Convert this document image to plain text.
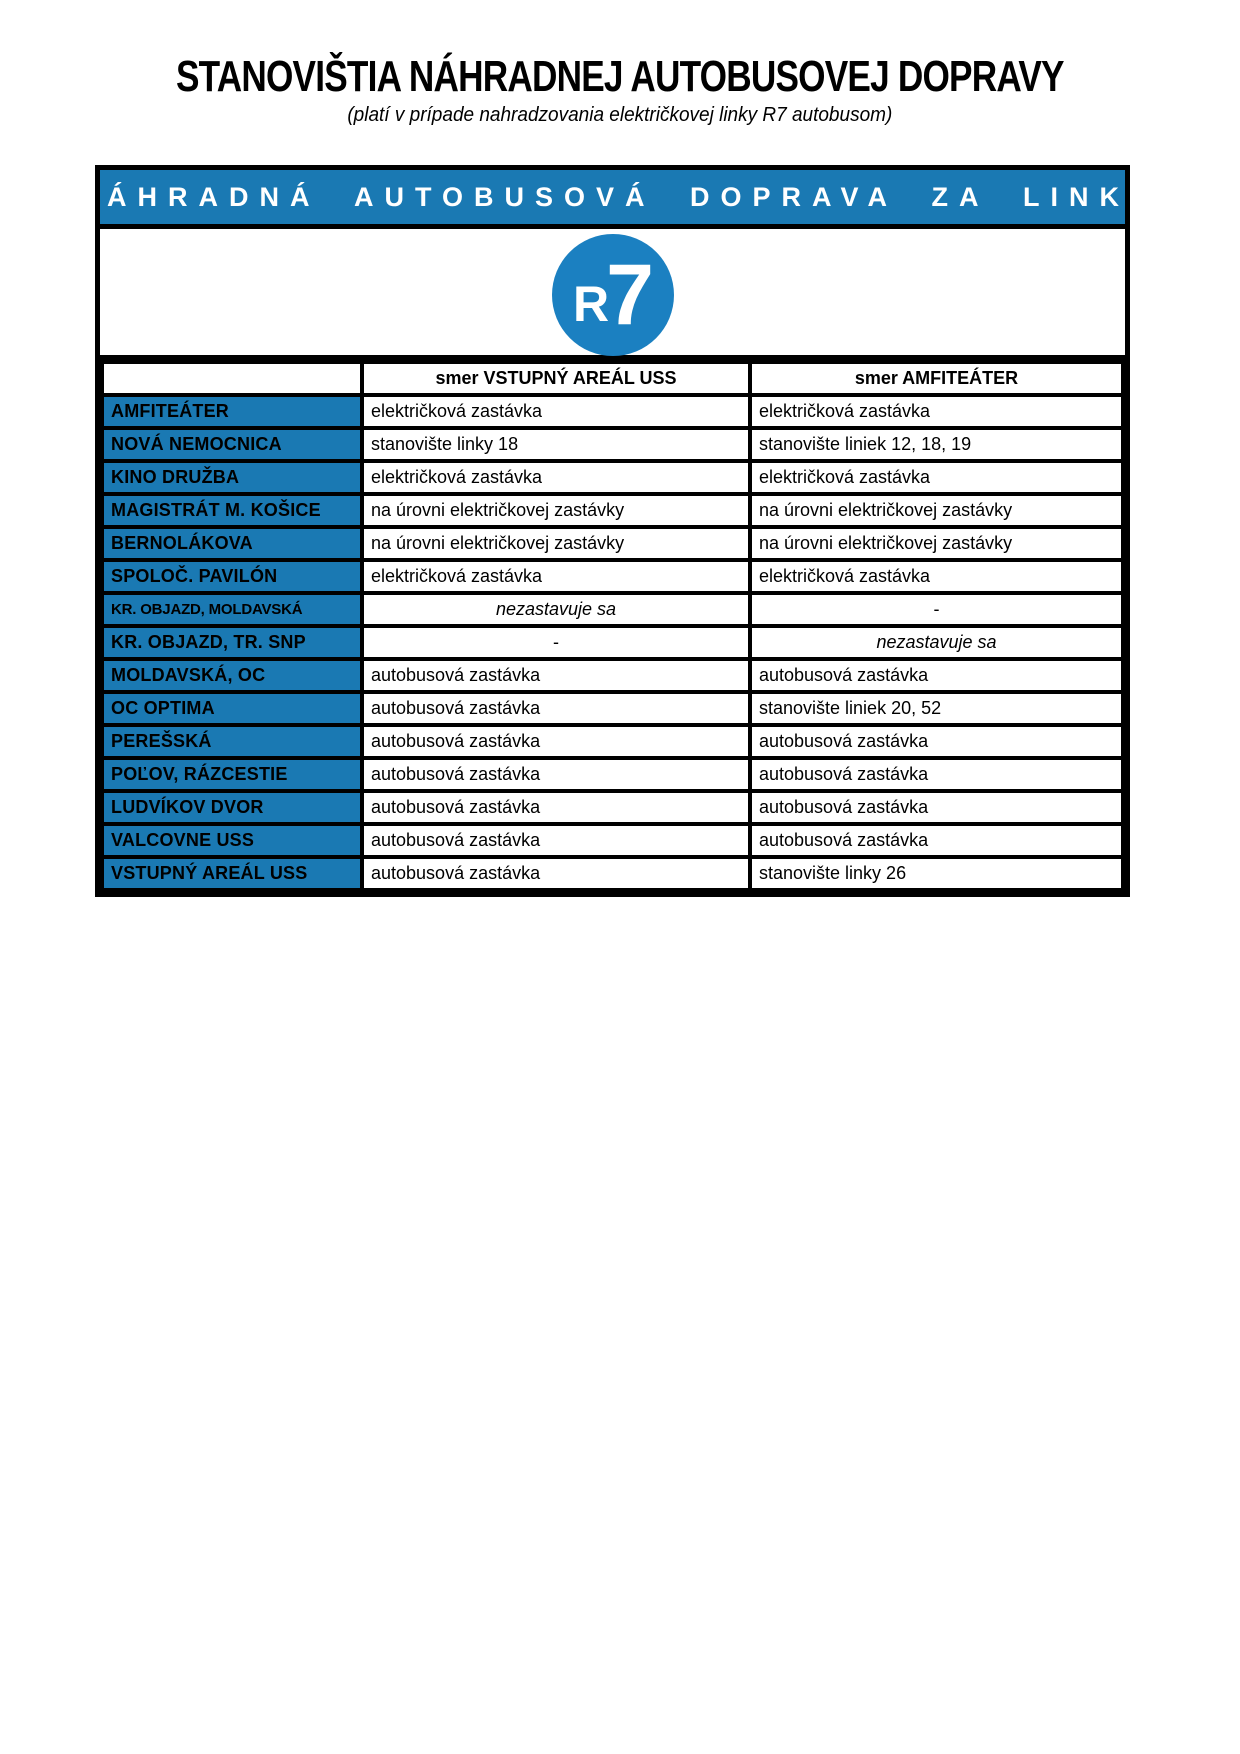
STANOVIŠTIA NÁHRADNEJ AUTOBUSOVEJ DOPRAVY

(platí v prípade nahradzovania električkovej linky R7 autobusom)

NÁHRADNÁ AUTOBUSOVÁ DOPRAVA ZA LINKU
R 7
	smer VSTUPNÝ AREÁL USS	smer AMFITEÁTER
AMFITEÁTER	električková zastávka	električková zastávka
NOVÁ NEMOCNICA	stanovište linky 18	stanovište liniek 12, 18, 19
KINO DRUŽBA	električková zastávka	električková zastávka
MAGISTRÁT M. KOŠICE	na úrovni električkovej zastávky	na úrovni električkovej zastávky
BERNOLÁKOVA	na úrovni električkovej zastávky	na úrovni električkovej zastávky
SPOLOČ. PAVILÓN	električková zastávka	električková zastávka
KR. OBJAZD, MOLDAVSKÁ	nezastavuje sa	-
KR. OBJAZD, TR. SNP	-	nezastavuje sa
MOLDAVSKÁ, OC	autobusová zastávka	autobusová zastávka
OC OPTIMA	autobusová zastávka	stanovište liniek 20, 52
PEREŠSKÁ	autobusová zastávka	autobusová zastávka
POĽOV, RÁZCESTIE	autobusová zastávka	autobusová zastávka
LUDVÍKOV DVOR	autobusová zastávka	autobusová zastávka
VALCOVNE USS	autobusová zastávka	autobusová zastávka
VSTUPNÝ AREÁL USS	autobusová zastávka	stanovište linky 26
